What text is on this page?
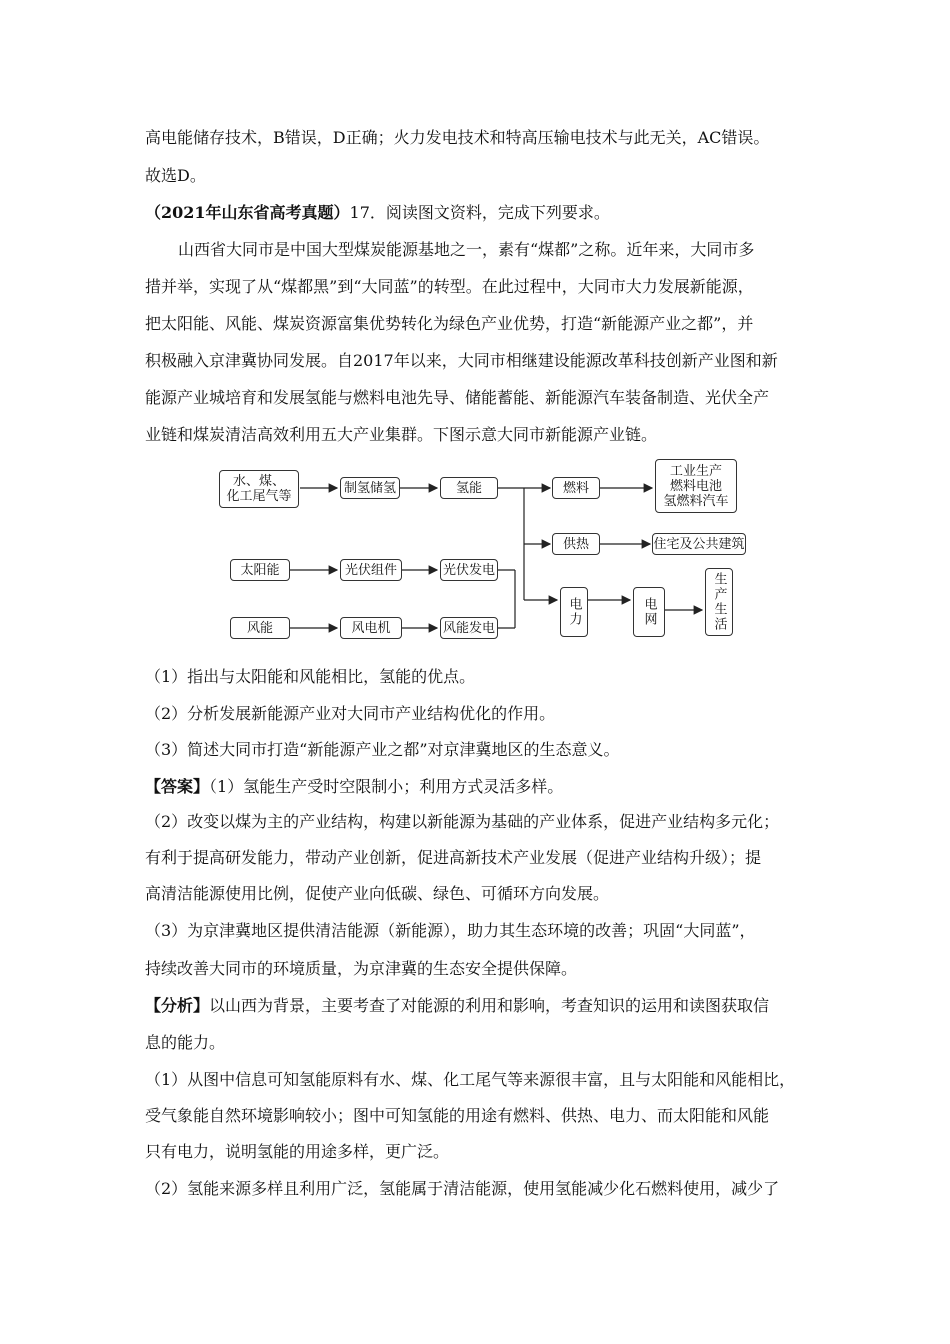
高电能储存技术，B错误，D正确；火力发电技术和特高压输电技术与此无关，AC错误。
故选D。
（2021年山东省高考真题）17．阅读图文资料，完成下列要求。
山西省大同市是中国大型煤炭能源基地之一，素有“煤都”之称。近年来，大同市多
措并举，实现了从“煤都黑”到“大同蓝”的转型。在此过程中，大同市大力发展新能源，
把太阳能、风能、煤炭资源富集优势转化为绿色产业优势，打造“新能源产业之都”，并
积极融入京津冀协同发展。自2017年以来，大同市相继建设能源改革科技创新产业图和新
能源产业城培育和发展氢能与燃料电池先导、储能蓄能、新能源汽车装备制造、光伏全产
业链和煤炭清洁高效利用五大产业集群。下图示意大同市新能源产业链。
水、煤、
化工尾气等
制氢储氢	氢能	燃料
工业生产
燃料电池
氢燃料汽车
供热	住宅及公共建筑
太阳能	光伏组件	光伏发电
风能	风电机	风能发电
电力	电网	生产生活
（1）指出与太阳能和风能相比，氢能的优点。
（2）分析发展新能源产业对大同市产业结构优化的作用。
（3）简述大同市打造“新能源产业之都”对京津冀地区的生态意义。
【答案】（1）氢能生产受时空限制小；利用方式灵活多样。
（2）改变以煤为主的产业结构，构建以新能源为基础的产业体系，促进产业结构多元化；
有利于提高研发能力，带动产业创新，促进高新技术产业发展（促进产业结构升级）；提
高清洁能源使用比例，促使产业向低碳、绿色、可循环方向发展。
（3）为京津冀地区提供清洁能源（新能源），助力其生态环境的改善；巩固“大同蓝”，
持续改善大同市的环境质量，为京津冀的生态安全提供保障。
【分析】以山西为背景，主要考查了对能源的利用和影响，考查知识的运用和读图获取信
息的能力。
（1）从图中信息可知氢能原料有水、煤、化工尾气等来源很丰富，且与太阳能和风能相比，
受气象能自然环境影响较小；图中可知氢能的用途有燃料、供热、电力、而太阳能和风能
只有电力，说明氢能的用途多样，更广泛。
（2）氢能来源多样且利用广泛，氢能属于清洁能源，使用氢能减少化石燃料使用，减少了
